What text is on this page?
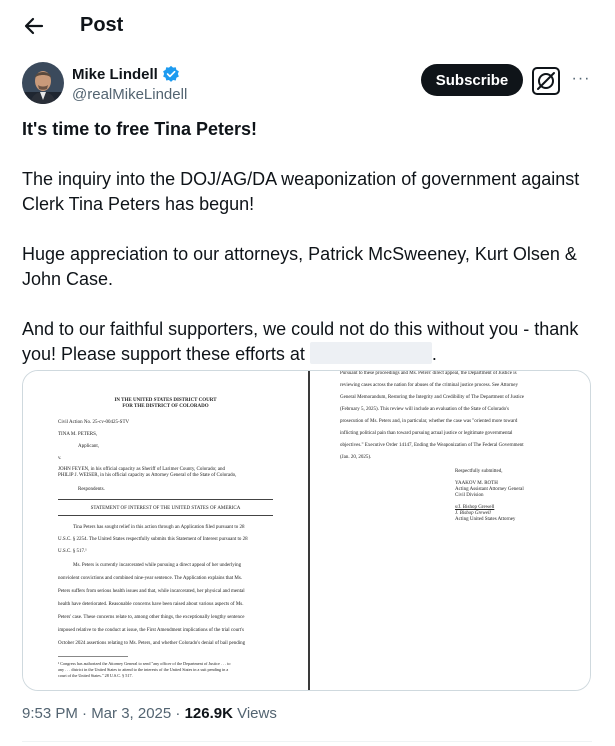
Post
Mike Lindell
@realMikeLindell
Subscribe	···

It's time to free Tina Peters!

The inquiry into the DOJ/AG/DA weaponization of government against Clerk Tina Peters has begun!

Huge appreciation to our attorneys, Patrick McSweeney, Kurt Olsen & John Case.

And to our faithful supporters, we could not do this without you - thank you! Please support these efforts at	.

IN THE UNITED STATES DISTRICT COURT
FOR THE DISTRICT OF COLORADO
Civil Action No. 25-cv-00425-STV
TINA M. PETERS,
Applicant,
v.
JOHN FEYEN, in his official capacity as Sheriff of Larimer County, Colorado; and
PHILIP J. WEISER, in his official capacity as Attorney General of the State of Colorado,
Respondents.
STATEMENT OF INTEREST OF THE UNITED STATES OF AMERICA
Tina Peters has sought relief in this action through an Application filed pursuant to 28
U.S.C. § 2254. The United States respectfully submits this Statement of Interest pursuant to 28
U.S.C. § 517.¹
Ms. Peters is currently incarcerated while pursuing a direct appeal of her underlying
nonviolent convictions and combined nine-year sentence. The Application explains that Ms.
Peters suffers from serious health issues and that, while incarcerated, her physical and mental
health have deteriorated. Reasonable concerns have been raised about various aspects of Ms.
Peters' case. These concerns relate to, among other things, the exceptionally lengthy sentence
imposed relative to the conduct at issue, the First Amendment implications of the trial court's
October 2024 assertions relating to Ms. Peters, and whether Colorado's denial of bail pending
¹ Congress has authorized the Attorney General to send "any officer of the Department of Justice . . . to
any . . . district in the United States to attend to the interests of the United States in a suit pending in a
court of the United States." 28 U.S.C. § 517.
Pursuant to these proceedings and Ms. Peters' direct appeal, the Department of Justice is
reviewing cases across the nation for abuses of the criminal justice process. See Attorney
General Memorandum, Restoring the Integrity and Credibility of The Department of Justice
(February 5, 2025). This review will include an evaluation of the State of Colorado's
prosecution of Ms. Peters and, in particular, whether the case was "oriented more toward
inflicting political pain than toward pursuing actual justice or legitimate governmental
objectives." Executive Order 14147, Ending the Weaponization of The Federal Government
(Jan. 20, 2025).
Respectfully submitted,
YAAKOV M. ROTH
Acting Assistant Attorney General
Civil Division
s/J. Bishop Grewell
J. Bishop Grewell
Acting United States Attorney
9:53 PM · Mar 3, 2025 · 126.9K Views
